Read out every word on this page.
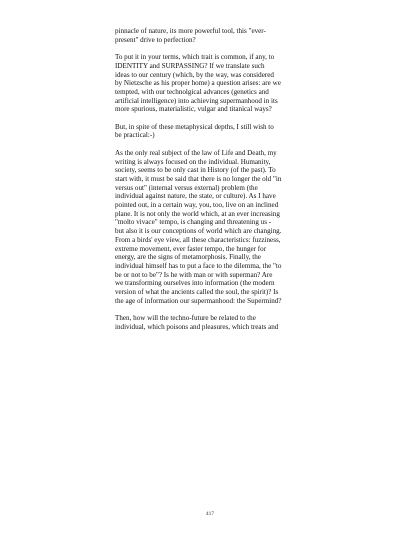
pinnacle of nature, its more powerful tool, this "ever-
present" drive to perfection?

To put it in your terms, which trait is common, if any, to
IDENTITY and SURPASSING? If we translate such
ideas to our century (which, by the way, was considered
by Nietzsche as his proper home) a question arises: are we
tempted, with our technolgical advances (genetics and
artificial intelligence) into achieving supermanhood in its
more spurious, materialistic, vulgar and titanical ways?

But, in spite of these metaphysical depths, I still wish to
be practical:-)

As the only real subject of the law of Life and Death, my
writing is always focused on the individual. Humanity,
society, seems to be only cast in History (of the past). To
start with, it must be said that there is no longer the old "in
versus out" (internal versus external) problem (the
individual against nature, the state, or culture). As I have
pointed out, in a certain way, you, too, live on an inclined
plane. It is not only the world which, at an ever increasing
"molto vivace" tempo, is changing and threatening us -
but also it is our conceptions of world which are changing.
From a birds' eye view, all these characteristics: fuzziness,
extreme movement, ever faster tempo, the hunger for
energy, are the signs of metamorphosis. Finally, the
individual himself has to put a face to the dilemma, the "to
be or not to be"? Is he with man or with superman? Are
we transforming ourselves into information (the modern
version of what the ancients called the soul, the spirit)? Is
the age of information our supermanhood: the Supermind?

Then, how will the techno-future be related to the
individual, which poisons and pleasures, which treats and

417
